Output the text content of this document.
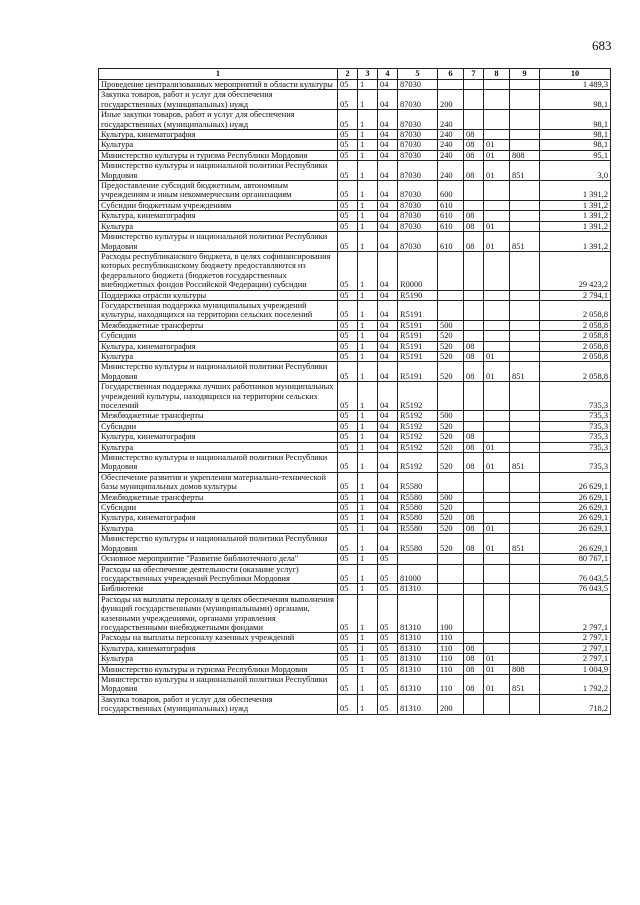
683
1	2	3	4	5	6	7	8	9	10
Проведение централизованных мероприятий в области культуры	05	1	04	87030					1 489,3
Закупка товаров, работ и услуг для обеспечения государственных (муниципальных) нужд	05	1	04	87030	200				98,1
Иные закупки товаров, работ и услуг для обеспечения государственных (муниципальных) нужд	05	1	04	87030	240				98,1
Культура, кинематография	05	1	04	87030	240	08			98,1
Культура	05	1	04	87030	240	08	01		98,1
Министерство культуры и туризма Республики Мордовия	05	1	04	87030	240	08	01	808	95,1
Министерство культуры и национальной политики Республики Мордовия	05	1	04	87030	240	08	01	851	3,0
Предоставление субсидий бюджетным, автономным учреждениям и иным некоммерческим организациям	05	1	04	87030	600				1 391,2
Субсидии бюджетным учреждениям	05	1	04	87030	610				1 391,2
Культура, кинематография	05	1	04	87030	610	08			1 391,2
Культура	05	1	04	87030	610	08	01		1 391,2
Министерство культуры и национальной политики Республики Мордовия	05	1	04	87030	610	08	01	851	1 391,2
Расходы республиканского бюджета, в целях софинансирования которых республиканскому бюджету предоставляются из федерального бюджета (бюджетов государственных внебюджетных фондов Российской Федерации) субсидии	05	1	04	R0000					29 423,2
Поддержка отрасли культуры	05	1	04	R5190					2 794,1
Государственная поддержка муниципальных учреждений культуры, находящихся на территории сельских поселений	05	1	04	R5191					2 058,8
Межбюджетные трансферты	05	1	04	R5191	500				2 058,8
Субсидии	05	1	04	R5191	520				2 058,8
Культура, кинематография	05	1	04	R5191	520	08			2 058,8
Культура	05	1	04	R5191	520	08	01		2 058,8
Министерство культуры и национальной политики Республики Мордовия	05	1	04	R5191	520	08	01	851	2 058,8
Государственная поддержка лучших работников муниципальных учреждений культуры, находящихся на территории сельских поселений	05	1	04	R5192					735,3
Межбюджетные трансферты	05	1	04	R5192	500				735,3
Субсидии	05	1	04	R5192	520				735,3
Культура, кинематография	05	1	04	R5192	520	08			735,3
Культура	05	1	04	R5192	520	08	01		735,3
Министерство культуры и национальной политики Республики Мордовия	05	1	04	R5192	520	08	01	851	735,3
Обеспечение развития и укрепления материально-технической базы муниципальных домов культуры	05	1	04	R5580					26 629,1
Межбюджетные трансферты	05	1	04	R5580	500				26 629,1
Субсидии	05	1	04	R5580	520				26 629,1
Культура, кинематография	05	1	04	R5580	520	08			26 629,1
Культура	05	1	04	R5580	520	08	01		26 629,1
Министерство культуры и национальной политики Республики Мордовия	05	1	04	R5580	520	08	01	851	26 629,1
Основное мероприятие "Развитие библиотечного дела"	05	1	05						80 767,1
Расходы на обеспечение деятельности (оказание услуг) государственных учреждений Республики Мордовия	05	1	05	81000					76 043,5
Библиотеки	05	1	05	81310					76 043,5
Расходы на выплаты персоналу в целях обеспечения выполнения функций государственными (муниципальными) органами, казенными учреждениями, органами управления государственными внебюджетными фондами	05	1	05	81310	100				2 797,1
Расходы на выплаты персоналу казенных учреждений	05	1	05	81310	110				2 797,1
Культура, кинематография	05	1	05	81310	110	08			2 797,1
Культура	05	1	05	81310	110	08	01		2 797,1
Министерство культуры и туризма Республики Мордовия	05	1	05	81310	110	08	01	808	1 004,9
Министерство культуры и национальной политики Республики Мордовия	05	1	05	81310	110	08	01	851	1 792,2
Закупка товаров, работ и услуг для обеспечения государственных (муниципальных) нужд	05	1	05	81310	200				718,2
